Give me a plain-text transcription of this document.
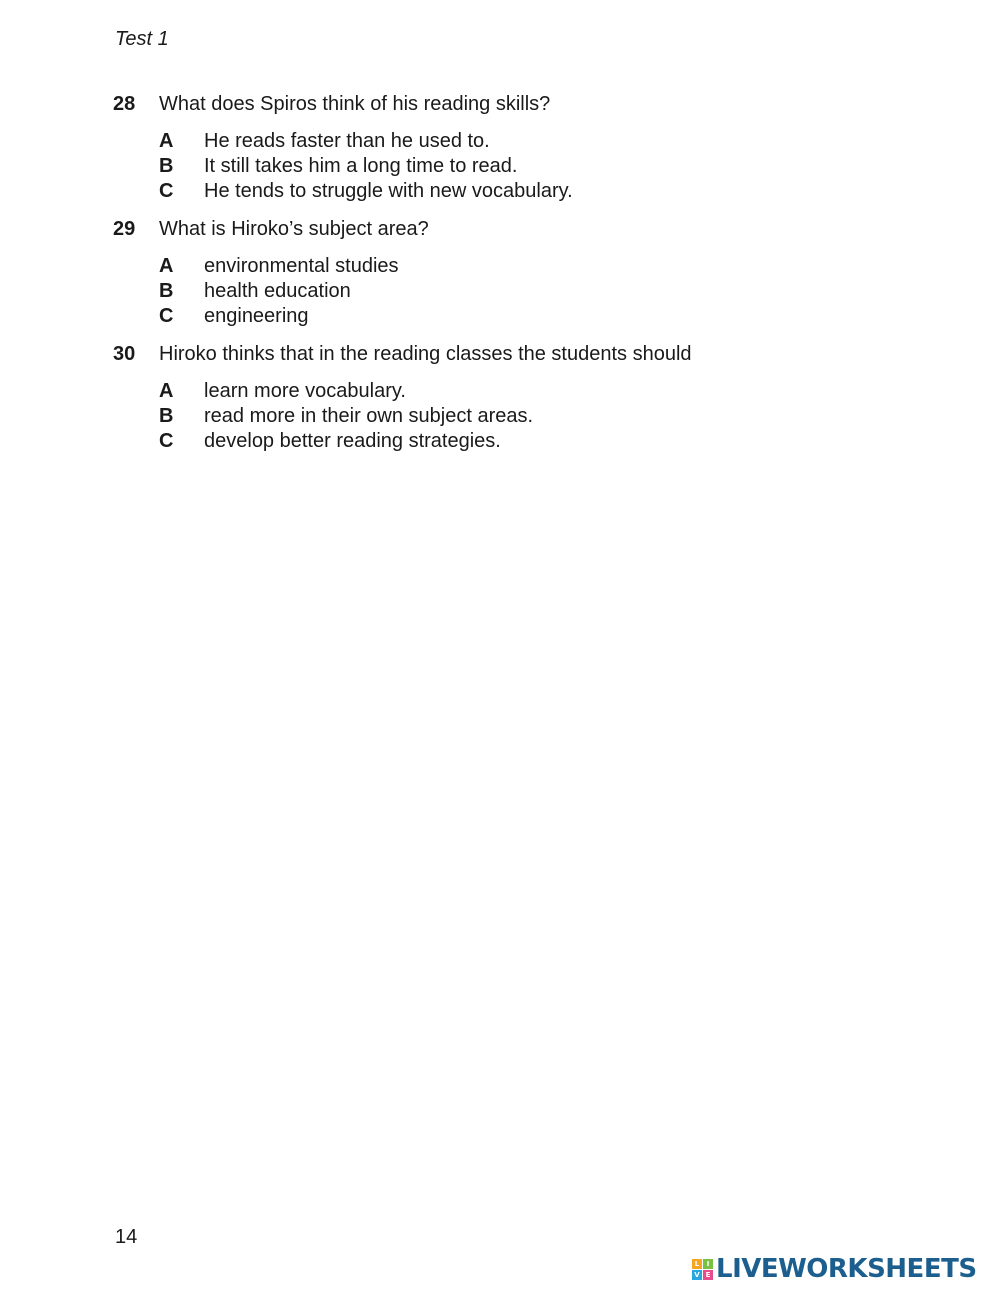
Test 1
28	What does Spiros think of his reading skills?
A	He reads faster than he used to.
B	It still takes him a long time to read.
C	He tends to struggle with new vocabulary.
29	What is Hiroko’s subject area?
A	environmental studies
B	health education
C	engineering
30	Hiroko thinks that in the reading classes the students should
A	learn more vocabulary.
B	read more in their own subject areas.
C	develop better reading strategies.
14
L	I
V E LIVEWORKSHEETS
